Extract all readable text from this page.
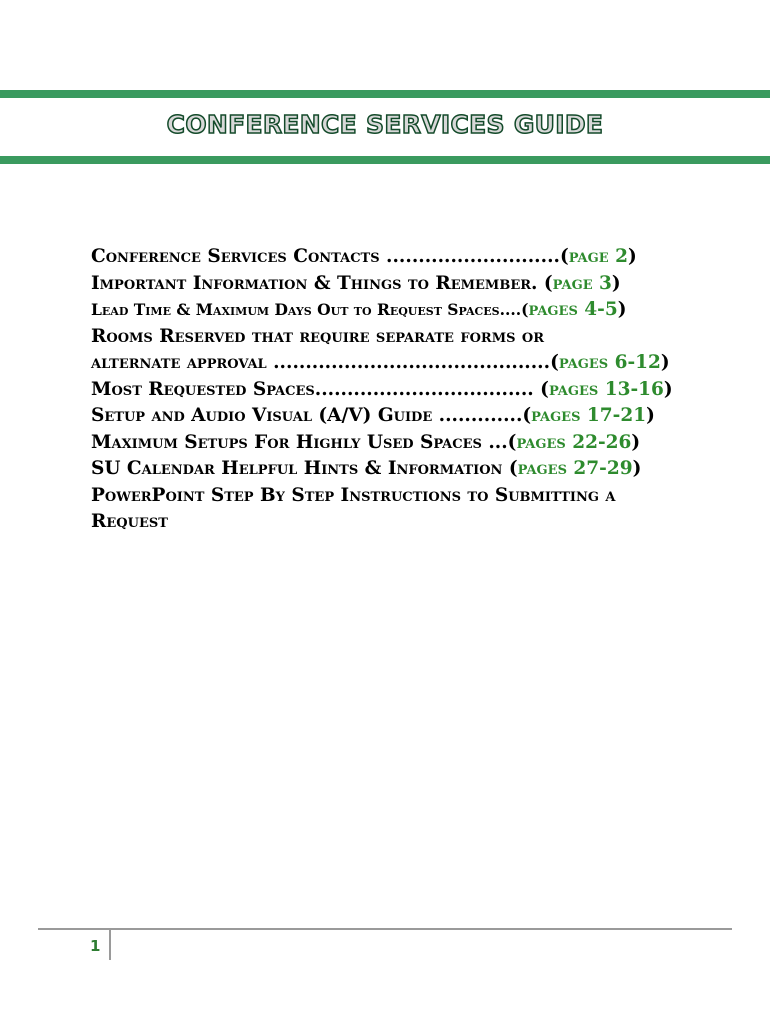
CONFERENCE SERVICES GUIDE
Conference Services Contacts ...........................(page 2)
Important Information & Things to Remember. (page 3)
Lead Time & Maximum Days Out to Request Spaces....(pages 4-5)
Rooms Reserved that require separate forms or
alternate approval ...........................................(pages 6-12)
Most Requested Spaces.................................. (pages 13-16)
Setup and Audio Visual (A/V) Guide .............(pages 17-21)
Maximum Setups For Highly Used Spaces ...(pages 22-26)
SU Calendar Helpful Hints & Information (pages 27-29)
PowerPoint Step By Step Instructions to Submitting a
Request
1
